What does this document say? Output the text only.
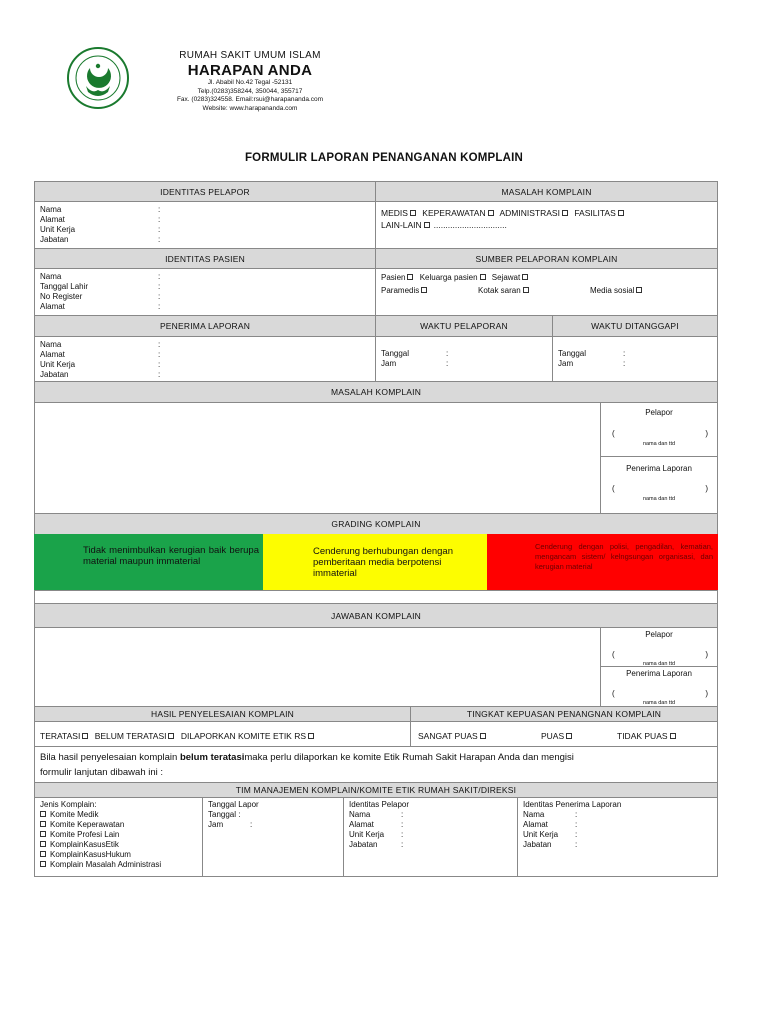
RUMAH SAKIT UMUM ISLAM
HARAPAN ANDA
Jl. Ababil No.42 Tegal -52131
Telp.(0283)358244, 350044, 355717
Fax. (0283)324558. Email:rsui@harapananda.com
Website: www.harapananda.com
FORMULIR LAPORAN PENANGANAN KOMPLAIN
IDENTITAS PELAPOR	MASALAH KOMPLAIN
Nama	:
Alamat	:
Unit Kerja	:
Jabatan	:
MEDIS KEPERAWATAN ADMINISTRASI FASILITAS
LAIN-LAIN ...............................
IDENTITAS PASIEN	SUMBER PELAPORAN KOMPLAIN
Nama	:
Tanggal Lahir	:
No Register	:
Alamat	:
Pasien Keluarga pasien Sejawat
Paramedis	Kotak saran	Media sosial
PENERIMA LAPORAN	WAKTU PELAPORAN	WAKTU DITANGGAPI
Nama	:
Alamat	:
Unit Kerja	:
Jabatan	:
Tanggal	:
Jam	:
Tanggal	:
Jam	:
MASALAH KOMPLAIN
Pelapor
(	)
nama dan ttd
Penerima Laporan
(	)
nama dan ttd
GRADING KOMPLAIN
Tidak menimbulkan kerugian baik berupa material maupun immaterial
Cenderung berhubungan dengan pemberitaan media berpotensi immaterial
Cenderung dengan polisi, pengadilan, kematian, mengancam sistem/ kelngsungan organisasi, dan kerugian material
JAWABAN KOMPLAIN
Pelapor
(	)
nama dan ttd
Penerima Laporan
(	)
nama dan ttd
HASIL PENYELESAIAN KOMPLAIN	TINGKAT KEPUASAN PENANGNAN KOMPLAIN
TERATASI BELUM TERATASI DILAPORKAN KOMITE ETIK RS	SANGAT PUAS	PUAS	TIDAK PUAS
Bila hasil penyelesaian komplain belum teratasimaka perlu dilaporkan ke komite Etik Rumah Sakit Harapan Anda dan mengisi
formulir lanjutan dibawah ini :
TIM MANAJEMEN KOMPLAIN/KOMITE ETIK RUMAH SAKIT/DIREKSI
Jenis Komplain:
Komite Medik
Komite Keperawatan
Komite Profesi Lain
KomplainKasusEtik
KomplainKasusHukum
Komplain Masalah Administrasi
Tanggal Lapor
Tanggal :
Jam	:
Identitas Pelapor
Nama	:
Alamat	:
Unit Kerja	:
Jabatan	:
Identitas Penerima Laporan
Nama	:
Alamat	:
Unit Kerja	:
Jabatan	:
